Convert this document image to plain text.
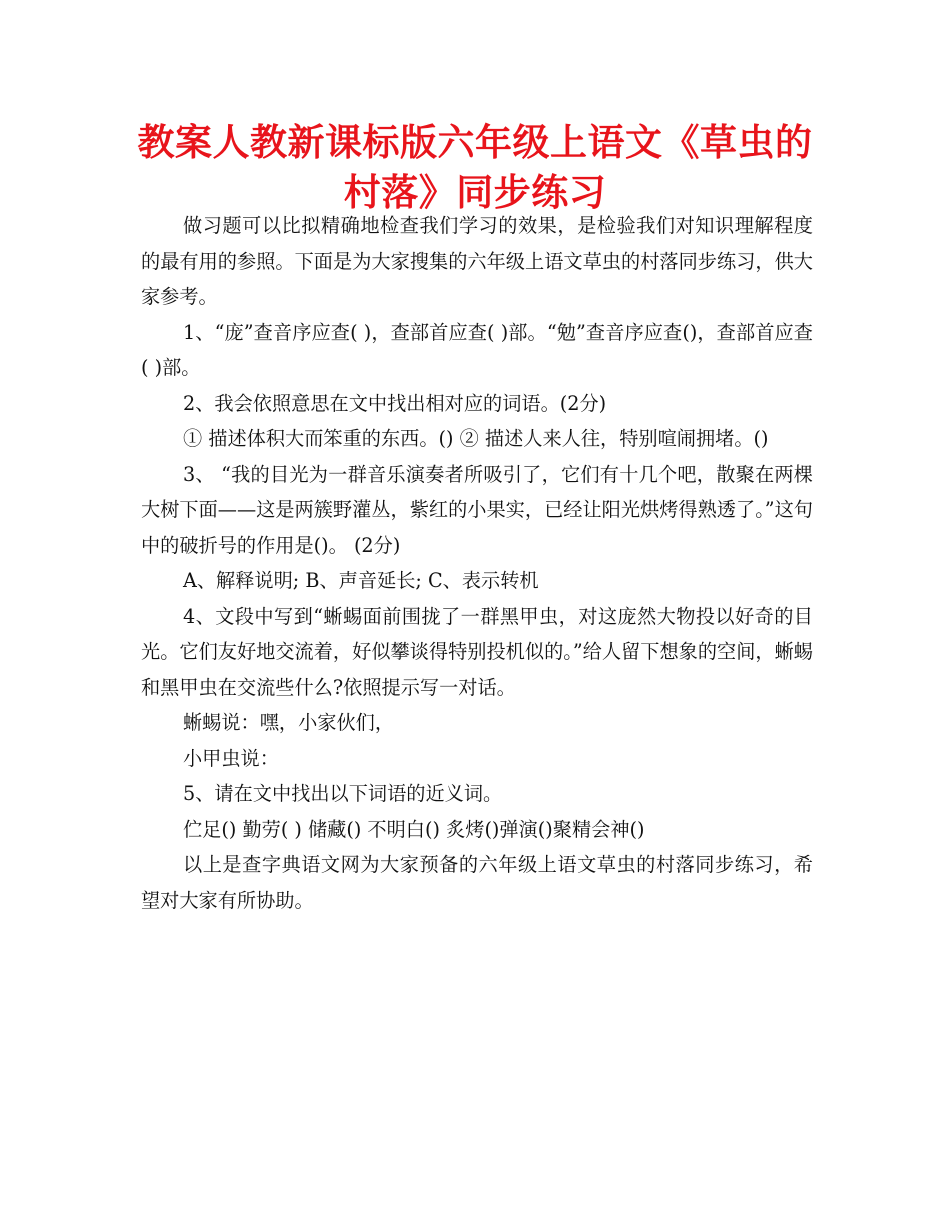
教案人教新课标版六年级上语文《草虫的村落》同步练习

做习题可以比拟精确地检查我们学习的效果，是检验我们对知识理解程度的最有用的参照。下面是为大家搜集的六年级上语文草虫的村落同步练习，供大家参考。

1、“庞”查音序应查( )，查部首应查( )部。“勉”查音序应查()，查部首应查( )部。

2、我会依照意思在文中找出相对应的词语。(2分)

① 描述体积大而笨重的东西。() ② 描述人来人往，特别喧闹拥堵。()

3、 “我的目光为一群音乐演奏者所吸引了，它们有十几个吧，散聚在两棵大树下面——这是两簇野灌丛，紫红的小果实，已经让阳光烘烤得熟透了。”这句中的破折号的作用是()。 (2分)

A、解释说明; B、声音延长; C、表示转机

4、文段中写到“蜥蜴面前围拢了一群黑甲虫，对这庞然大物投以好奇的目光。它们友好地交流着，好似攀谈得特别投机似的。”给人留下想象的空间，蜥蜴和黑甲虫在交流些什么?依照提示写一对话。

蜥蜴说：嘿，小家伙们，

小甲虫说：

5、请在文中找出以下词语的近义词。

伫足() 勤劳( ) 储藏() 不明白() 炙烤()弹演()聚精会神()

以上是查字典语文网为大家预备的六年级上语文草虫的村落同步练习，希望对大家有所协助。
